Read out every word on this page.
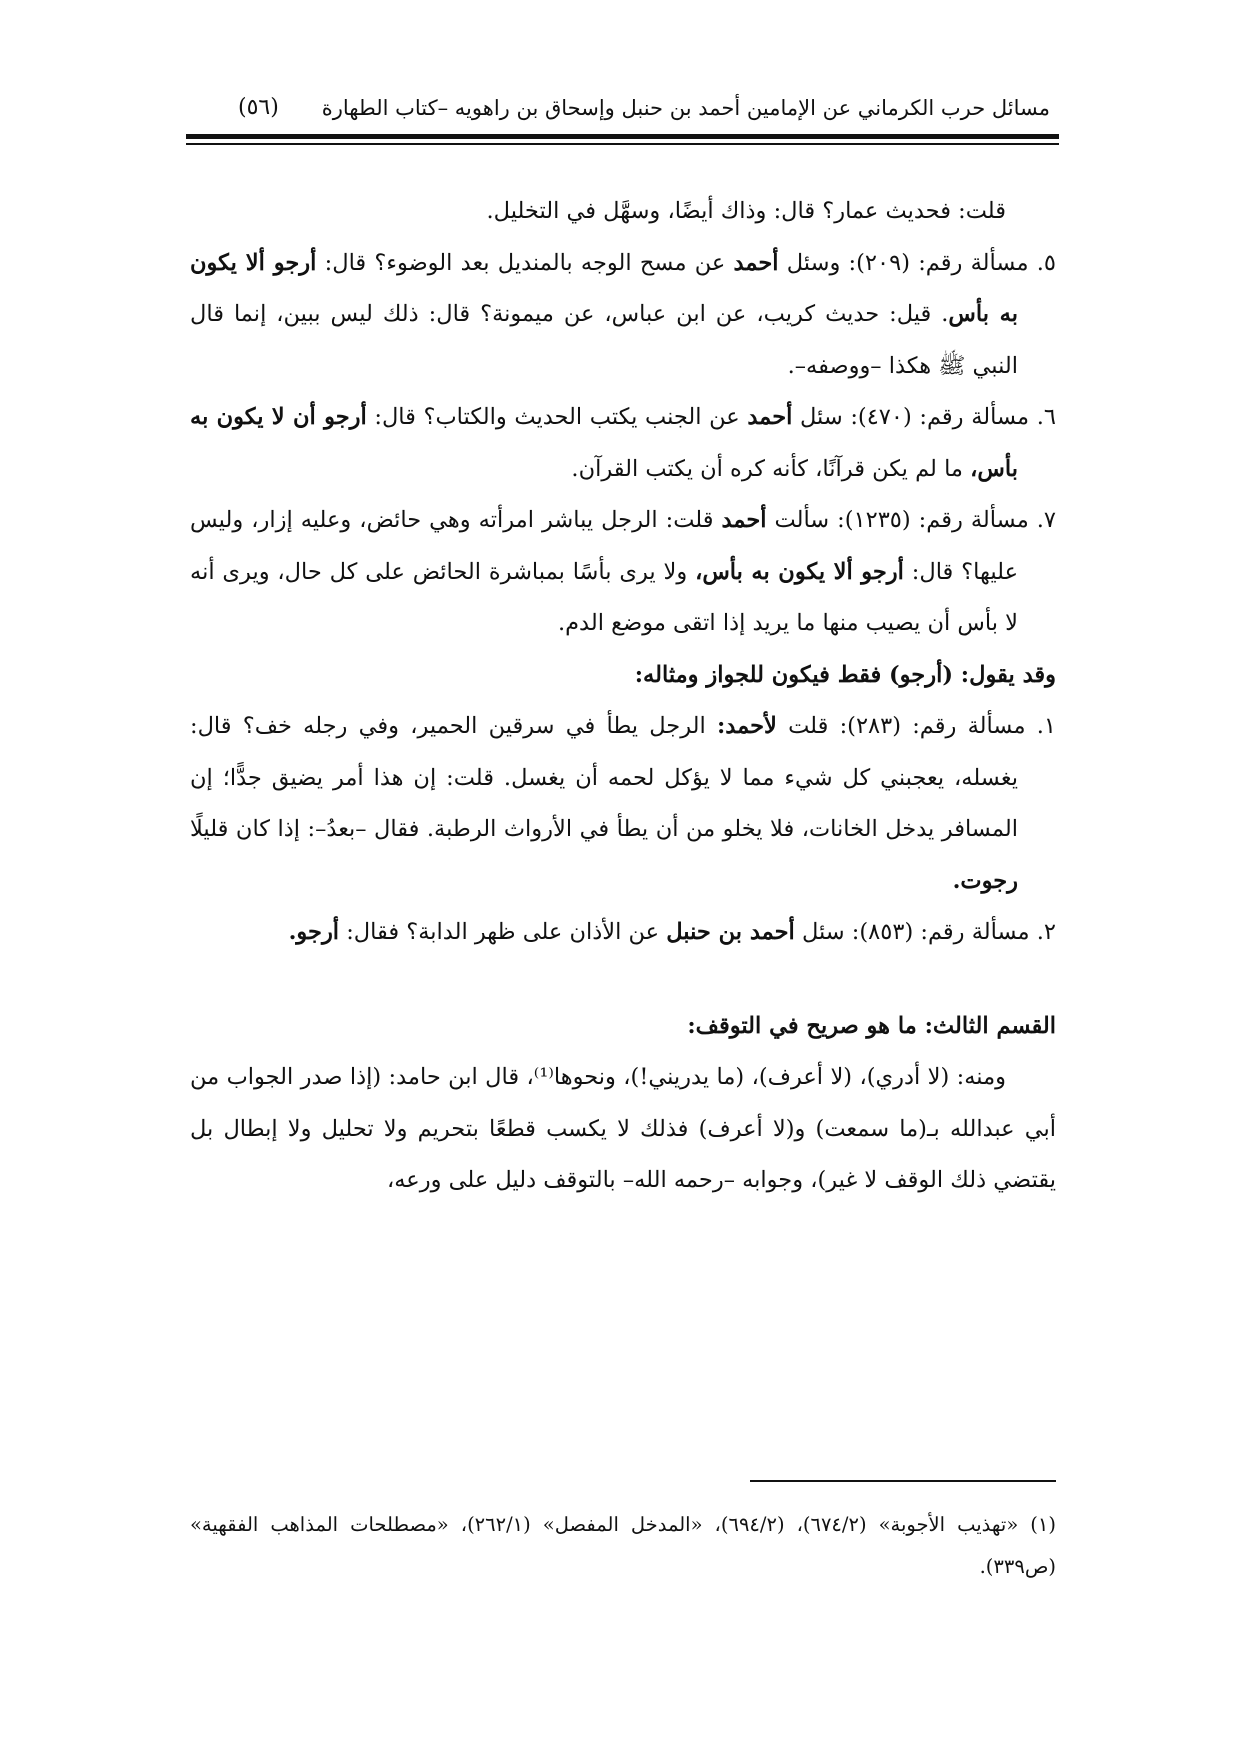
مسائل حرب الكرماني عن الإمامين أحمد بن حنبل وإسحاق بن راهويه –كتاب الطهارة
(٥٦)

قلت: فحديث عمار؟ قال: وذاك أيضًا، وسهَّل في التخليل.

٥. مسألة رقم: (٢٠٩): وسئل أحمد عن مسح الوجه بالمنديل بعد الوضوء؟ قال: أرجو ألا يكون به بأس. قيل: حديث كريب، عن ابن عباس، عن ميمونة؟ قال: ذلك ليس ببين، إنما قال النبي ﷺ هكذا –ووصفه–.

٦. مسألة رقم: (٤٧٠): سئل أحمد عن الجنب يكتب الحديث والكتاب؟ قال: أرجو أن لا يكون به بأس، ما لم يكن قرآنًا، كأنه كره أن يكتب القرآن.

٧. مسألة رقم: (١٢٣٥): سألت أحمد قلت: الرجل يباشر امرأته وهي حائض، وعليه إزار، وليس عليها؟ قال: أرجو ألا يكون به بأس، ولا يرى بأسًا بمباشرة الحائض على كل حال، ويرى أنه لا بأس أن يصيب منها ما يريد إذا اتقى موضع الدم.

وقد يقول: (أرجو) فقط فيكون للجواز ومثاله:

١. مسألة رقم: (٢٨٣): قلت لأحمد: الرجل يطأ في سرقين الحمير، وفي رجله خف؟ قال: يغسله، يعجبني كل شيء مما لا يؤكل لحمه أن يغسل. قلت: إن هذا أمر يضيق جدًّا؛ إن المسافر يدخل الخانات، فلا يخلو من أن يطأ في الأرواث الرطبة. فقال –بعدُ–: إذا كان قليلًا رجوت.

٢. مسألة رقم: (٨٥٣): سئل أحمد بن حنبل عن الأذان على ظهر الدابة؟ فقال: أرجو.

القسم الثالث: ما هو صريح في التوقف:

ومنه: (لا أدري)، (لا أعرف)، (ما يدريني!)، ونحوها⁽¹⁾، قال ابن حامد: (إذا صدر الجواب من أبي عبدالله بـ(ما سمعت) و(لا أعرف) فذلك لا يكسب قطعًا بتحريم ولا تحليل ولا إبطال بل يقتضي ذلك الوقف لا غير)، وجوابه –رحمه الله– بالتوقف دليل على ورعه،

(١) «تهذيب الأجوبة» (٦٧٤/٢)، (٦٩٤/٢)، «المدخل المفصل» (٢٦٢/١)، «مصطلحات المذاهب الفقهية» (ص٣٣٩).
